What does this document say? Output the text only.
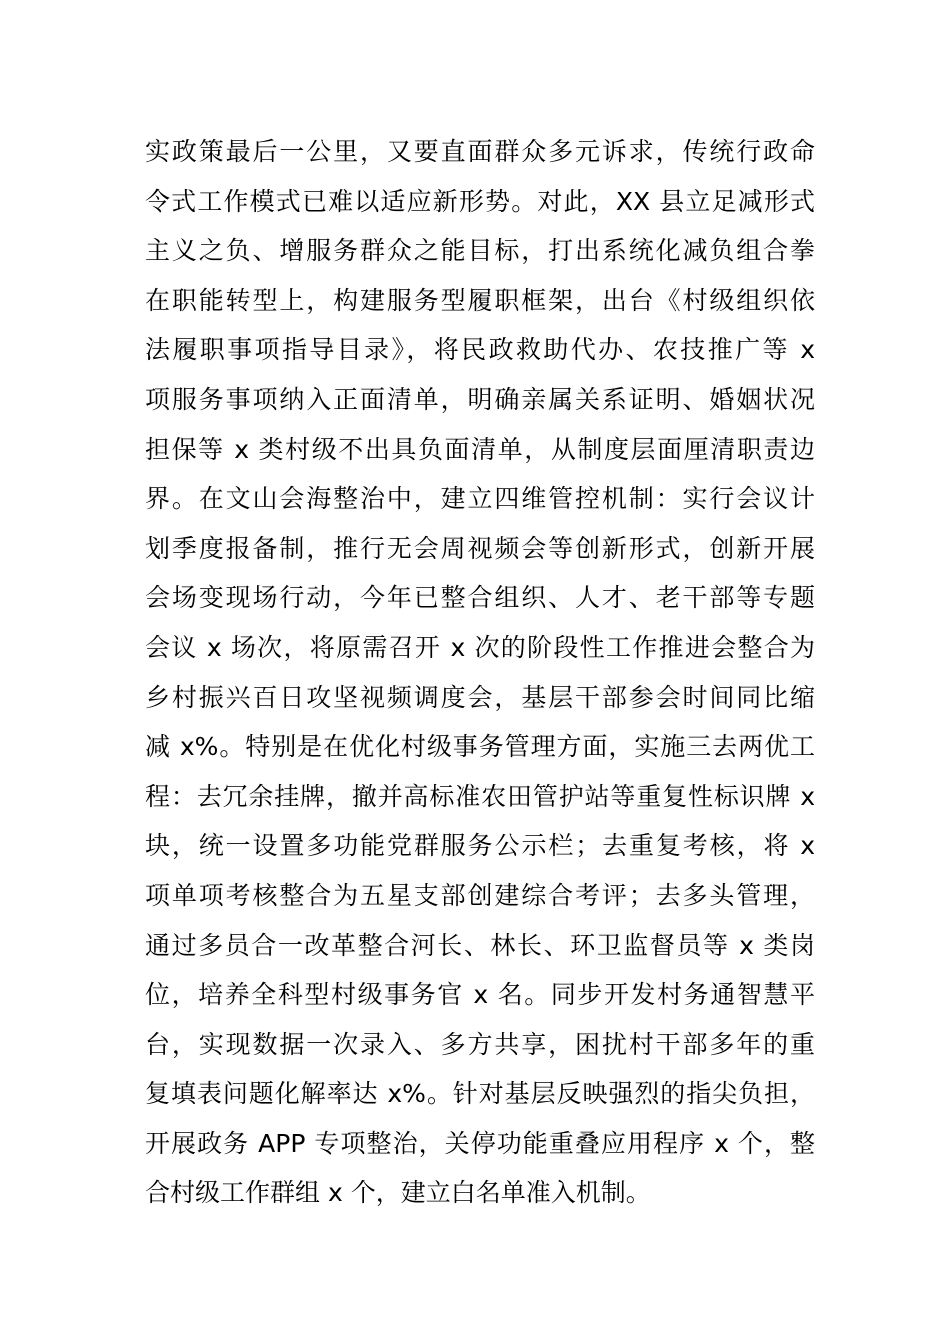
实政策最后一公里，又要直面群众多元诉求，传统行政命
令式工作模式已难以适应新形势。对此，XX 县立足减形式
主义之负、增服务群众之能目标，打出系统化减负组合拳
在职能转型上，构建服务型履职框架，出台《村级组织依
法履职事项指导目录》，将民政救助代办、农技推广等 x
项服务事项纳入正面清单，明确亲属关系证明、婚姻状况
担保等 x 类村级不出具负面清单，从制度层面厘清职责边
界。在文山会海整治中，建立四维管控机制：实行会议计
划季度报备制，推行无会周视频会等创新形式，创新开展
会场变现场行动，今年已整合组织、人才、老干部等专题
会议 x 场次，将原需召开 x 次的阶段性工作推进会整合为
乡村振兴百日攻坚视频调度会，基层干部参会时间同比缩
减 x%。特别是在优化村级事务管理方面，实施三去两优工
程：去冗余挂牌，撤并高标准农田管护站等重复性标识牌 x
块，统一设置多功能党群服务公示栏；去重复考核，将 x
项单项考核整合为五星支部创建综合考评；去多头管理，
通过多员合一改革整合河长、林长、环卫监督员等 x 类岗
位，培养全科型村级事务官 x 名。同步开发村务通智慧平
台，实现数据一次录入、多方共享，困扰村干部多年的重
复填表问题化解率达 x%。针对基层反映强烈的指尖负担，
开展政务 APP 专项整治，关停功能重叠应用程序 x 个，整
合村级工作群组 x 个，建立白名单准入机制。
